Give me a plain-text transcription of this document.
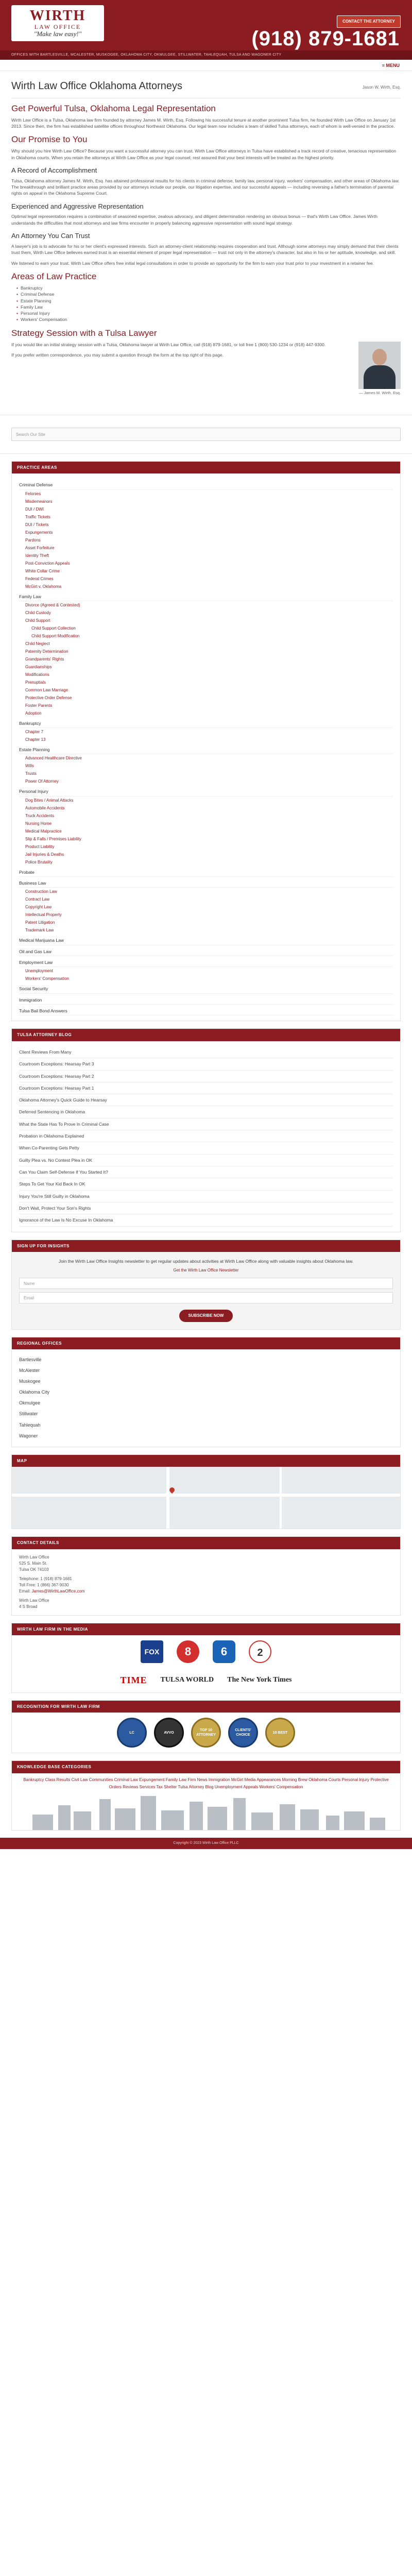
WIRTH
LAW OFFICE
"Make law easy!"
CONTACT THE ATTORNEY
(918) 879-1681
OFFICES WITH BARTLESVILLE, MCALESTER, MUSKOGEE, OKLAHOMA CITY, OKMULGEE, STILLWATER, TAHLEQUAH, TULSA AND WAGONER CITY
≡ MENU
Wirth Law Office Oklahoma Attorneys	Jason W. Wirth, Esq.
Get Powerful Tulsa, Oklahoma Legal Representation

Wirth Law Office is a Tulsa, Oklahoma law firm founded by attorney James M. Wirth, Esq. Following his successful tenure at another prominent Tulsa firm, he founded Wirth Law Office on January 1st 2013. Since then, the firm has established satellite offices throughout Northeast Oklahoma. Our legal team now includes a team of skilled Tulsa attorneys, each of whom is well-versed in the practice.

Our Promise to You

Why should you hire Wirth Law Office? Because you want a successful attorney you can trust. Wirth Law Office attorneys in Tulsa have established a track record of creative, tenacious representation in Oklahoma courts. When you retain the attorneys at Wirth Law Office as your legal counsel, rest assured that your best interests will be treated as the highest priority.

A Record of Accomplishment

Tulsa, Oklahoma attorney James M. Wirth, Esq. has attained professional results for his clients in criminal defense, family law, personal injury, workers' compensation, and other areas of Oklahoma law. The breakthrough and brilliant practice areas provided by our attorneys include our people, our litigation expertise, and our successful appeals — including reversing a father's termination of parental rights on appeal in the Oklahoma Supreme Court.

Experienced and Aggressive Representation

Optimal legal representation requires a combination of seasoned expertise, zealous advocacy, and diligent determination rendering an obvious bonus — that's Wirth Law Office. James Wirth understands the difficulties that most attorneys and law firms encounter in properly balancing aggressive representation with sound legal strategy.

An Attorney You Can Trust

A lawyer's job is to advocate for his or her client's expressed interests. Such an attorney-client relationship requires cooperation and trust. Although some attorneys may simply demand that their clients trust them, Wirth Law Office believes earned trust is an essential element of proper legal representation — trust not only in the attorney's character, but also in his or her aptitude, knowledge, and skill.

We listened to earn your trust. Wirth Law Office offers free initial legal consultations in order to provide an opportunity for the firm to earn your trust prior to your investment in a retainer fee.

Areas of Law Practice
• Bankruptcy
• Criminal Defense
• Estate Planning
• Family Law
• Personal Injury
• Workers' Compensation
Strategy Session with a Tulsa Lawyer

If you would like an initial strategy session with a Tulsa, Oklahoma lawyer at Wirth Law Office, call (918) 879-1681, or toll free 1 (800) 530-1234 or (918) 447-9300.

If you prefer written correspondence, you may submit a question through the form at the top right of this page.

— James M. Wirth, Esq.
Search Our Site
PRACTICE AREAS
Criminal Defense
Felonies
Misdemeanors
DUI / DWI
Traffic Tickets
DUI / Tickets
Expungements
Pardons
Asset Forfeiture
Identity Theft
Post-Conviction Appeals
White Collar Crime
Federal Crimes
McGirt v. Oklahoma
Family Law
Divorce (Agreed & Contested)
Child Custody
Child Support
Child Support Collection
Child Support Modification
Child Neglect
Paternity Determination
Grandparents' Rights
Guardianships
Modifications
Prenuptials
Common Law Marriage
Protective Order Defense
Foster Parents
Adoption
Bankruptcy
Chapter 7
Chapter 13
Estate Planning
Advanced Healthcare Directive
Wills
Trusts
Power Of Attorney
Personal Injury
Dog Bites / Animal Attacks
Automobile Accidents
Truck Accidents
Nursing Home
Medical Malpractice
Slip & Falls / Premises Liability
Product Liability
Jail Injuries & Deaths
Police Brutality
Probate
Business Law
Construction Law
Contract Law
Copyright Law
Intellectual Property
Patent Litigation
Trademark Law
Medical Marijuana Law
Oil and Gas Law
Employment Law
Unemployment
Workers' Compensation
Social Security
Immigration
Tulsa Bail Bond Answers
TULSA ATTORNEY BLOG
Client Reviews From Many
Courtroom Exceptions: Hearsay Part 3
Courtroom Exceptions: Hearsay Part 2
Courtroom Exceptions: Hearsay Part 1
Oklahoma Attorney's Quick Guide to Hearsay
Deferred Sentencing in Oklahoma
What the State Has To Prove In Criminal Case
Probation in Oklahoma Explained
When Co-Parenting Gets Petty
Guilty Plea vs. No Contest Plea in OK
Can You Claim Self-Defense If You Started It?
Steps To Get Your Kid Back In OK
Injury You're Still Guilty in Oklahoma
Don't Wait, Protect Your Son's Rights
Ignorance of the Law Is No Excuse In Oklahoma
SIGN UP FOR INSIGHTS
Join the Wirth Law Office Insights newsletter to get regular updates about activities at Wirth Law Office along with valuable insights about Oklahoma law.
Get the Wirth Law Office Newsletter
Name
Email
SUBSCRIBE NOW
REGIONAL OFFICES
Bartlesville
McAlester
Muskogee
Oklahoma City
Okmulgee
Stillwater
Tahlequah
Wagoner
MAP
CONTACT DETAILS
Wirth Law Office
525 S. Main St.
Tulsa OK 74103
Telephone: 1 (918) 879-1681
Toll Free: 1 (866) 367-9030
Email: James@WirthLawOffice.com
Wirth Law Office
4 S Broad
WIRTH LAW FIRM IN THE MEDIA
FOX 23 TULSA
8	6	2
TIME TULSA WORLD The New York Times
RECOGNITION FOR WIRTH LAW FIRM
LC	AVVO
TOP 10 ATTORNEY
CLIENTS' CHOICE
10 BEST
KNOWLEDGE BASE CATEGORIES
Bankruptcy Class Results Civil Law Communities Criminal Law Expungement Family Law Firm News Immigration McGirt Media Appearances Morning Brew Oklahoma Courts Personal Injury Protective Orders Reviews Services Tax Shelter Tulsa Attorney Blog Unemployment Appeals Workers' Compensation
Copyright © 2023 Wirth Law Office PLLC
